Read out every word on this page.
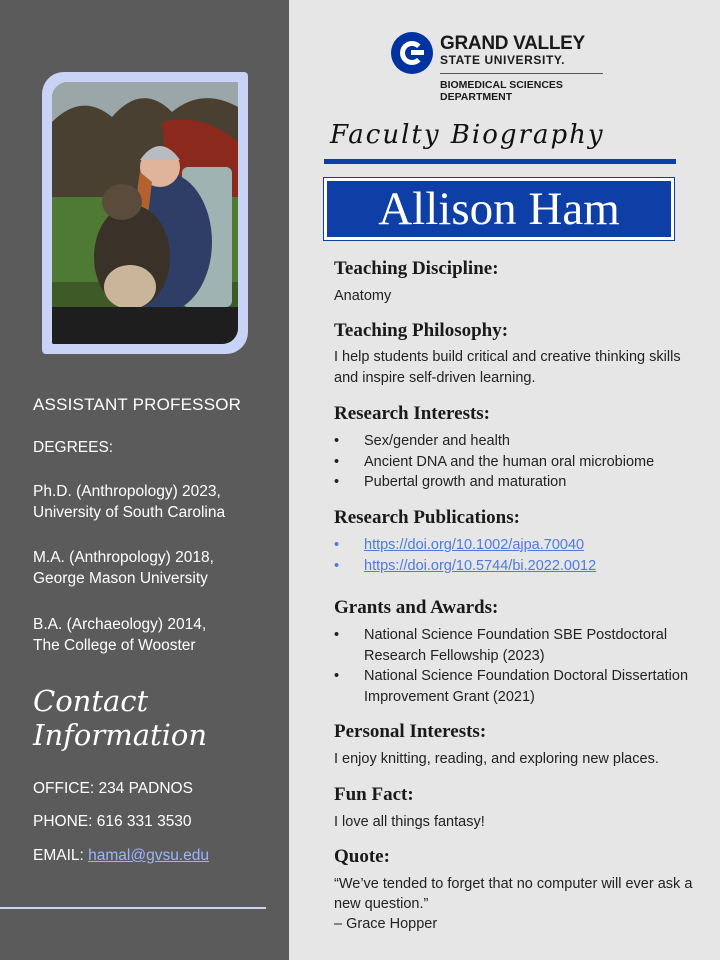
ASSISTANT PROFESSOR
DEGREES:
Ph.D. (Anthropology) 2023,
University of South Carolina
M.A. (Anthropology) 2018,
George Mason University
B.A. (Archaeology) 2014,
The College of Wooster
Contact
Information
OFFICE: 234 PADNOS
PHONE: 616 331 3530
EMAIL: hamal@gvsu.edu
GRAND VALLEY
STATE UNIVERSITY.
BIOMEDICAL SCIENCES
DEPARTMENT
Faculty Biography
Allison Ham
Teaching Discipline:
Anatomy
Teaching Philosophy:
I help students build critical and creative thinking skills and inspire self-driven learning.
Research Interests:
• Sex/gender and health
• Ancient DNA and the human oral microbiome
• Pubertal growth and maturation
Research Publications:
• https://doi.org/10.1002/ajpa.70040
• https://doi.org/10.5744/bi.2022.0012
Grants and Awards:
• National Science Foundation SBE Postdoctoral Research Fellowship (2023)
• National Science Foundation Doctoral Dissertation Improvement Grant (2021)
Personal Interests:
I enjoy knitting, reading, and exploring new places.
Fun Fact:
I love all things fantasy!
Quote:
“We’ve tended to forget that no computer will ever ask a new question.”
– Grace Hopper
